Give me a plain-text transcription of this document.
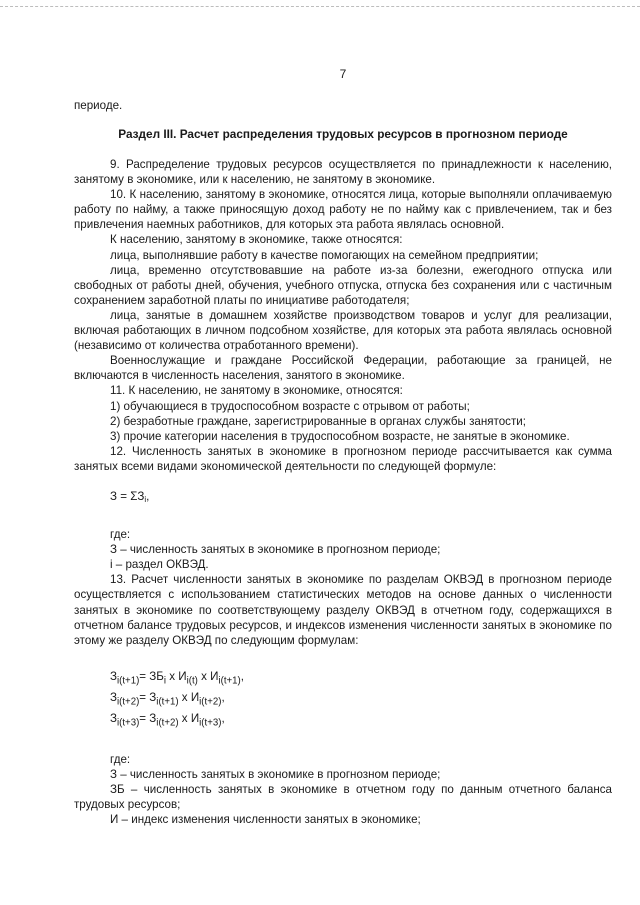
7
периоде.
Раздел III. Расчет распределения трудовых ресурсов в прогнозном периоде

9. Распределение трудовых ресурсов осуществляется по принадлежности к населению, занятому в экономике, или к населению, не занятому в экономике.

10. К населению, занятому в экономике, относятся лица, которые выполняли оплачиваемую работу по найму, а также приносящую доход работу не по найму как с привлечением, так и без привлечения наемных работников, для которых эта работа являлась основной.

К населению, занятому в экономике, также относятся:

лица, выполнявшие работу в качестве помогающих на семейном предприятии;

лица, временно отсутствовавшие на работе из-за болезни, ежегодного отпуска или свободных от работы дней, обучения, учебного отпуска, отпуска без сохранения или с частичным сохранением заработной платы по инициативе работодателя;

лица, занятые в домашнем хозяйстве производством товаров и услуг для реализации, включая работающих в личном подсобном хозяйстве, для которых эта работа являлась основной (независимо от количества отработанного времени).

Военнослужащие и граждане Российской Федерации, работающие за границей, не включаются в численность населения, занятого в экономике.

11. К населению, не занятому в экономике, относятся:

1) обучающиеся в трудоспособном возрасте с отрывом от работы;

2) безработные граждане, зарегистрированные в органах службы занятости;

3) прочие категории населения в трудоспособном возрасте, не занятые в экономике.

12. Численность занятых в экономике в прогнозном периоде рассчитывается как сумма занятых всеми видами экономической деятельности по следующей формуле:

$З = \Sigma З_i$,

где:

З – численность занятых в экономике в прогнозном периоде;

i – раздел ОКВЭД.

13. Расчет численности занятых в экономике по разделам ОКВЭД в прогнозном периоде осуществляется с использованием статистических методов на основе данных о численности занятых в экономике по соответствующему разделу ОКВЭД в отчетном году, содержащихся в отчетном балансе трудовых ресурсов, и индексов изменения численности занятых в экономике по этому же разделу ОКВЭД по следующим формулам:

$З_{i(t+1)}= ЗБ_i$ x $И_{i(t)}$ x $И_{i(t+1)}$,
$З_{i(t+2)}= З_{i(t+1)}$ x $И_{i(t+2)}$,
$З_{i(t+3)}= З_{i(t+2)}$ x $И_{i(t+3)}$,

где:

З – численность занятых в экономике в прогнозном периоде;

ЗБ – численность занятых в экономике в отчетном году по данным отчетного баланса трудовых ресурсов;

И – индекс изменения численности занятых в экономике;
